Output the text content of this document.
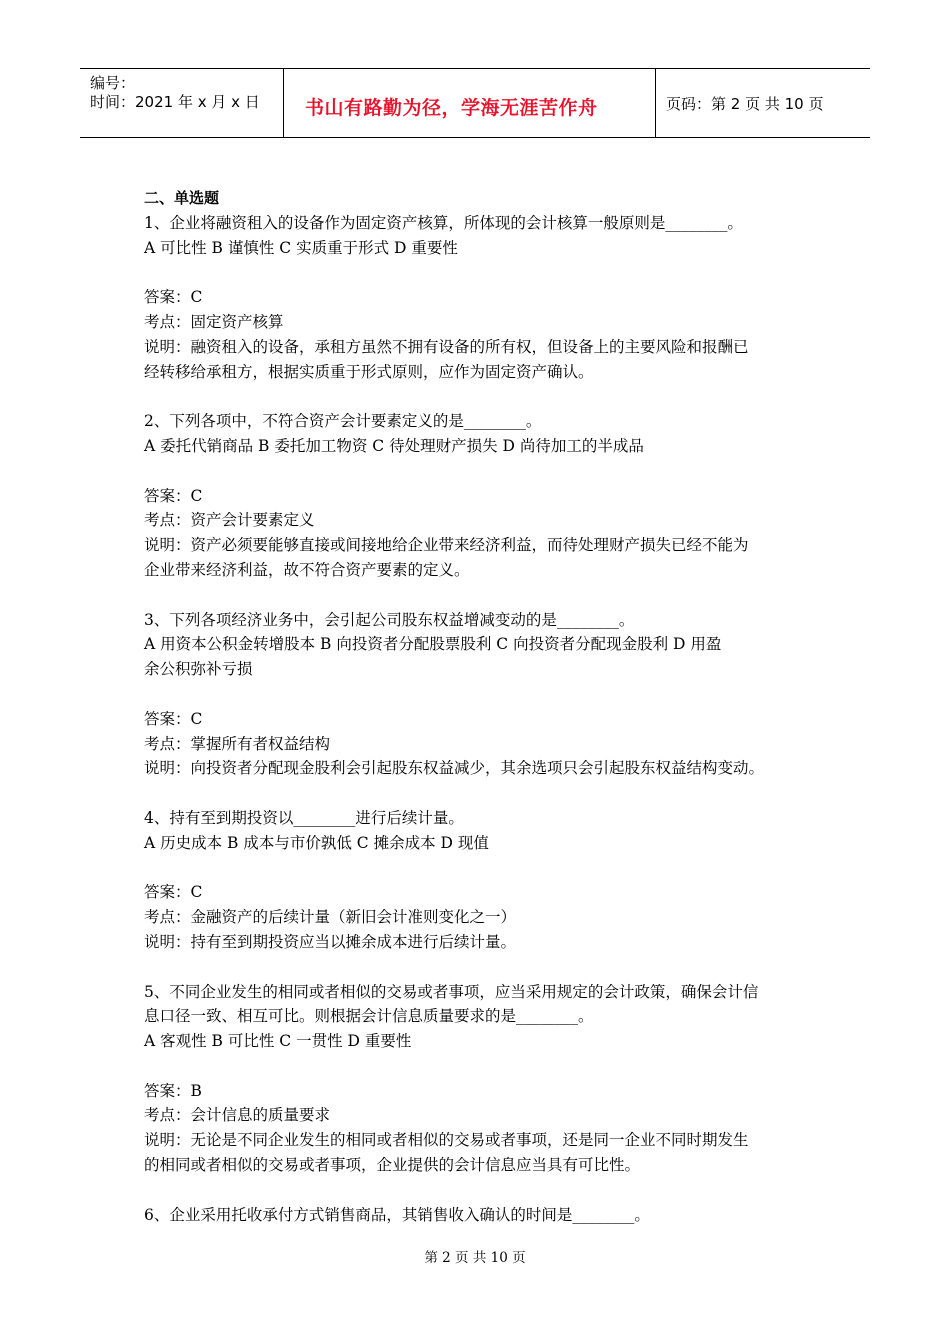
编号：
时间：2021 年 x 月 x 日 书山有路勤为径，学海无涯苦作舟	页码：第 2 页 共 10 页
二、单选题
1、企业将融资租入的设备作为固定资产核算，所体现的会计核算一般原则是________。
A 可比性 B 谨慎性 C 实质重于形式 D 重要性
答案：C
考点：固定资产核算
说明：融资租入的设备，承租方虽然不拥有设备的所有权，但设备上的主要风险和报酬已
经转移给承租方，根据实质重于形式原则，应作为固定资产确认。
2、下列各项中，不符合资产会计要素定义的是________。
A 委托代销商品 B 委托加工物资 C 待处理财产损失 D 尚待加工的半成品
答案：C
考点：资产会计要素定义
说明：资产必须要能够直接或间接地给企业带来经济利益，而待处理财产损失已经不能为
企业带来经济利益，故不符合资产要素的定义。
3、下列各项经济业务中，会引起公司股东权益增减变动的是________。
A 用资本公积金转增股本 B 向投资者分配股票股利 C 向投资者分配现金股利 D 用盈
余公积弥补亏损
答案：C
考点：掌握所有者权益结构
说明：向投资者分配现金股利会引起股东权益减少，其余选项只会引起股东权益结构变动。
4、持有至到期投资以________进行后续计量。
A 历史成本 B 成本与市价孰低 C 摊余成本 D 现值
答案：C
考点：金融资产的后续计量（新旧会计准则变化之一）
说明：持有至到期投资应当以摊余成本进行后续计量。
5、不同企业发生的相同或者相似的交易或者事项，应当采用规定的会计政策，确保会计信
息口径一致、相互可比。则根据会计信息质量要求的是________。
A 客观性 B 可比性 C 一贯性 D 重要性
答案：B
考点：会计信息的质量要求
说明：无论是不同企业发生的相同或者相似的交易或者事项，还是同一企业不同时期发生
的相同或者相似的交易或者事项，企业提供的会计信息应当具有可比性。
6、企业采用托收承付方式销售商品，其销售收入确认的时间是________。
第 2 页 共 10 页
